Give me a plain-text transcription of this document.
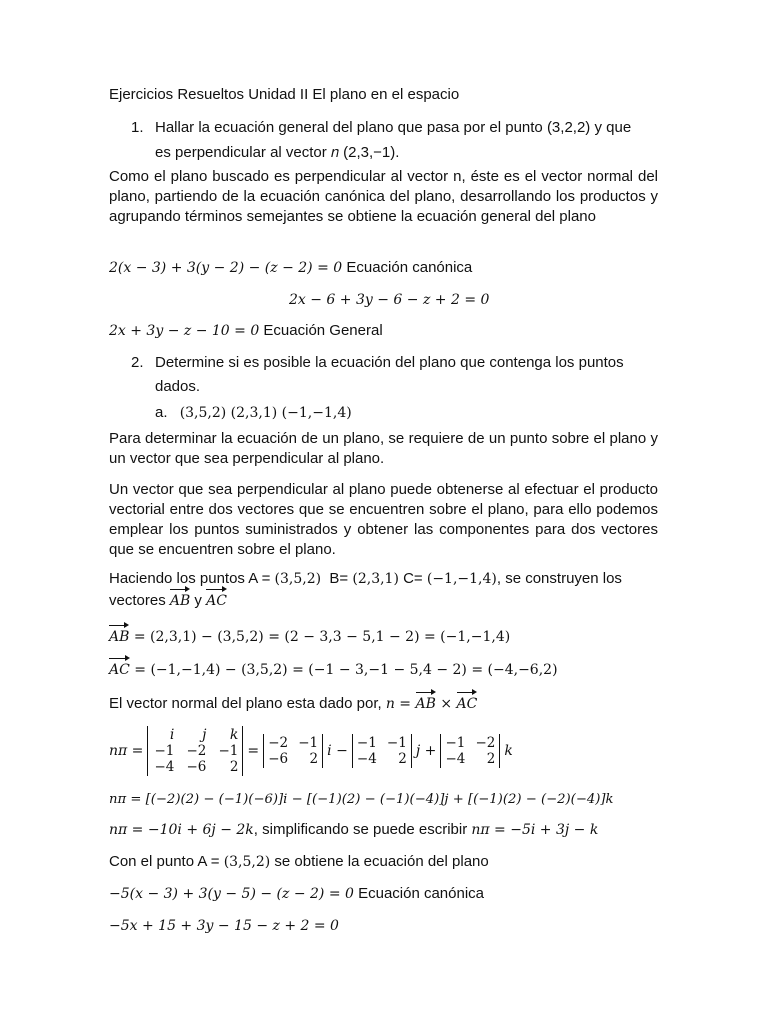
Ejercicios Resueltos Unidad II El plano en el espacio
1. Hallar la ecuación general del plano que pasa por el punto (3,2,2) y que
es perpendicular al vector 𝑛 (2,3,−1).
Como el plano buscado es perpendicular al vector n, éste es el vector normal del plano, partiendo de la ecuación canónica del plano, desarrollando los productos y agrupando términos semejantes se obtiene la ecuación general del plano
2(𝑥 − 3) + 3(𝑦 − 2) − (𝑧 − 2) = 0 Ecuación canónica
2𝑥 − 6 + 3𝑦 − 6 − 𝑧 + 2 = 0
2𝑥 + 3𝑦 − 𝑧 − 10 = 0 Ecuación General
2. Determine si es posible la ecuación del plano que contenga los puntos
dados.
a. (3,5,2) (2,3,1) (−1,−1,4)
Para determinar la ecuación de un plano, se requiere de un punto sobre el plano y un vector que sea perpendicular al plano.
Un vector que sea perpendicular al plano puede obtenerse al efectuar el producto vectorial entre dos vectores que se encuentren sobre el plano, para ello podemos emplear los puntos suministrados y obtener las componentes para dos vectores que se encuentren sobre el plano.
Haciendo los puntos A = (3,5,2)  B= (2,3,1) C= (−1,−1,4), se construyen los
vectores AB y AC
AB = (2,3,1) − (3,5,2) = (2 − 3,3 − 5,1 − 2) = (−1,−1,4)
AC = (−1,−1,4) − (3,5,2) = (−1 − 3,−1 − 5,4 − 2) = (−4,−6,2)
El vector normal del plano esta dado por, 𝑛 = AB × AC
𝑛𝜋 =
𝑖	𝑗	𝑘
−1 −2 −1
−4 −6	2
= −2 −1
−6	2 𝑖 − −1 −1
−4	2 𝑗 + −1 −2
−4	2 𝑘
𝑛𝜋 = [(−2)(2) − (−1)(−6)]𝑖 − [(−1)(2) − (−1)(−4)]𝑗 + [(−1)(2) − (−2)(−4)]𝑘
𝑛𝜋 = −10𝑖 + 6𝑗 − 2𝑘, simplificando se puede escribir 𝑛𝜋 = −5𝑖 + 3𝑗 − 𝑘
Con el punto A = (3,5,2) se obtiene la ecuación del plano
−5(𝑥 − 3) + 3(𝑦 − 5) − (𝑧 − 2) = 0 Ecuación canónica
−5𝑥 + 15 + 3𝑦 − 15 − 𝑧 + 2 = 0
